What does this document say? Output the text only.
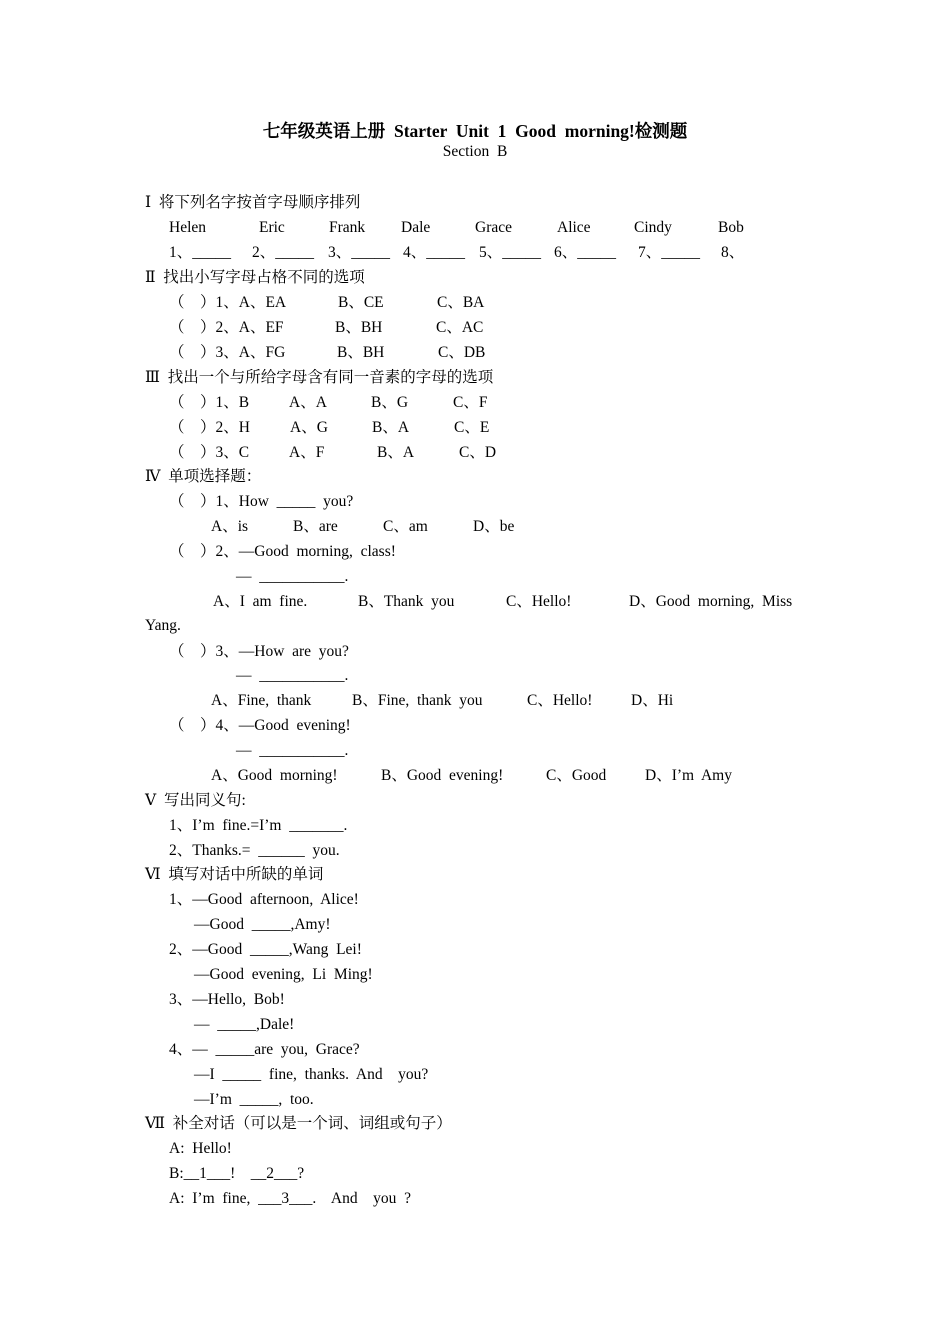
七年级英语上册  Starter  Unit  1  Good  morning!检测题
Section  B
Ⅰ  将下列名字按首字母顺序排列
Helen	Eric	Frank Dale	Grace	Alice	Cindy	Bob
1、_____ 2、_____ 3、_____ 4、_____ 5、_____ 6、_____ 7、_____ 8、
Ⅱ  找出小写字母占格不同的选项
（    ）1、A、EA	B、CE	C、BA
（    ）2、A、EF	B、BH	C、AC
（    ）3、A、FG	B、BH	C、DB
Ⅲ  找出一个与所给字母含有同一音素的字母的选项
（    ）1、B	A、A	B、G	C、F
（    ）2、H	A、G	B、A	C、E
（    ）3、C	A、F	B、A	C、D
Ⅳ  单项选择题：
（    ）1、How  _____  you?
A、is	B、are	C、am	D、be
（    ）2、—Good  morning,  class!
—  ___________.
A、I  am  fine.	B、Thank  you	C、Hello!	D、Good  morning,  Miss
Yang.
（    ）3、—How  are  you?
—  ___________.
A、Fine,  thank	B、Fine,  thank  you	C、Hello! D、Hi
（    ）4、—Good  evening!
—  ___________.
A、Good  morning!	B、Good  evening!	C、Good D、I’m  Amy
Ⅴ  写出同义句:
1、I’m  fine.=I’m  _______.
2、Thanks.=  ______  you.
Ⅵ  填写对话中所缺的单词
1、—Good  afternoon,  Alice!
—Good  _____,Amy!
2、—Good  _____,Wang  Lei!
—Good  evening,  Li  Ming!
3、—Hello,  Bob!
—  _____,Dale!
4、—  _____are  you,  Grace?
—I  _____  fine,  thanks.  And    you?
—I’m  _____,  too.
Ⅶ  补全对话（可以是一个词、词组或句子）
A:  Hello!
B:__1___!    __2___?
A:  I’m  fine,  ___3___.    And    you  ?
